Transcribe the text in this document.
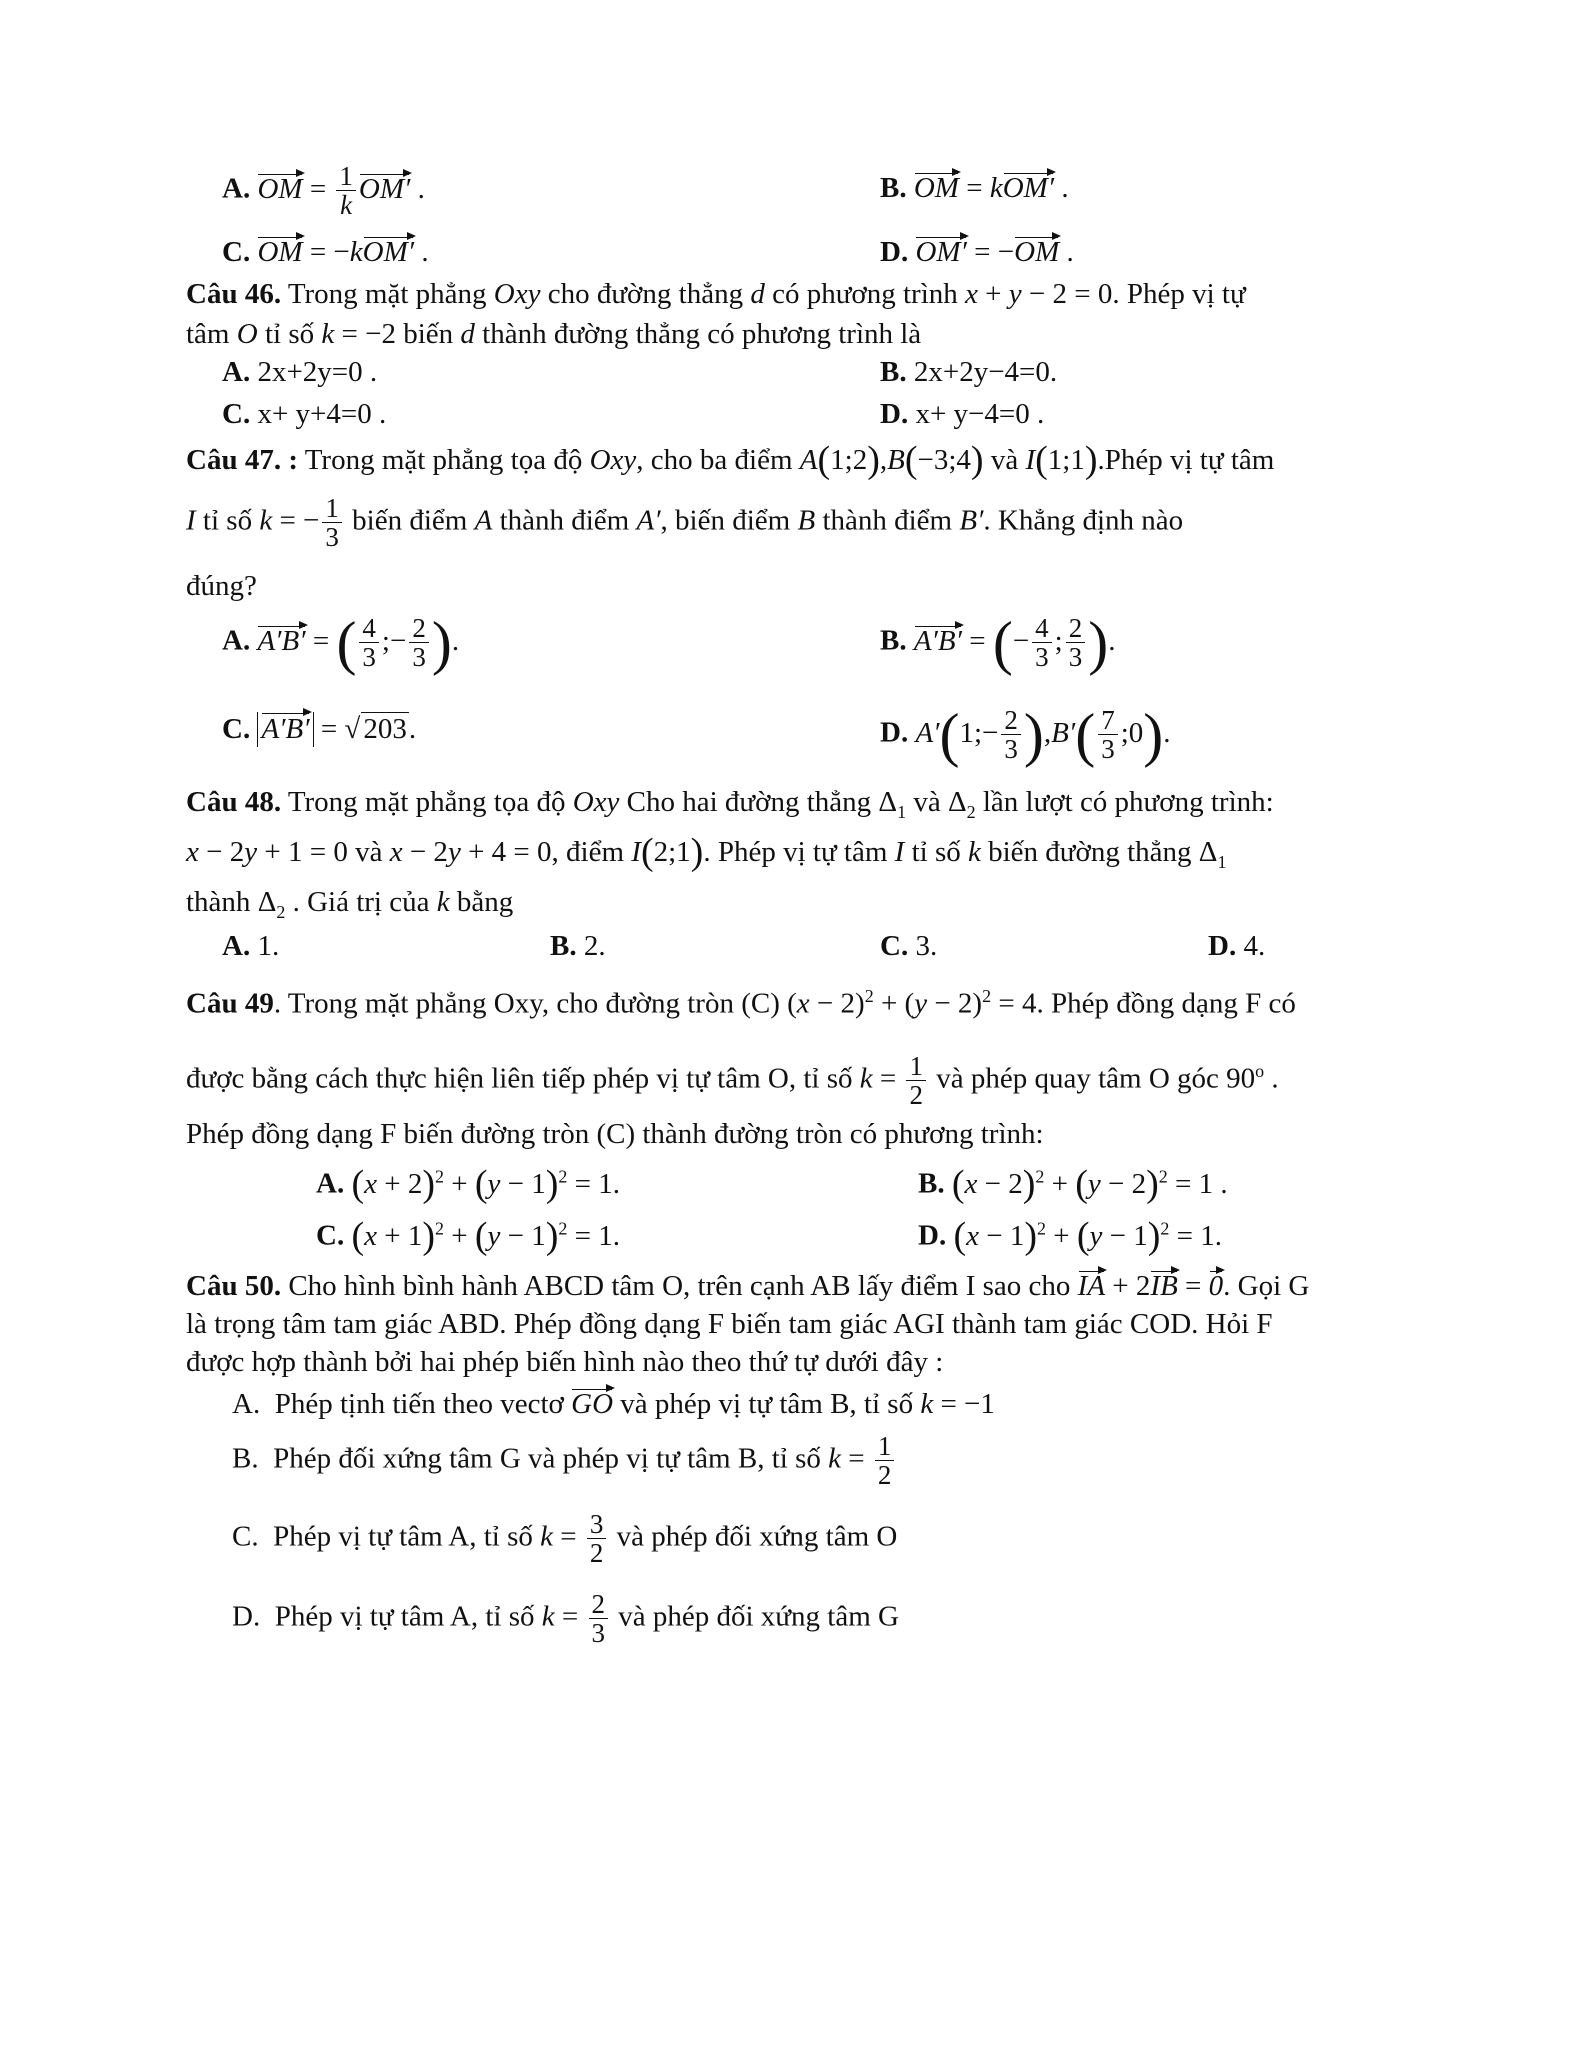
A. OM = $\frac{1}{k} OM'$ .	B. OM = kOM′ .
C. OM = −kOM′ .	D. OM′ = −OM .
Câu 46. Trong mặt phẳng Oxy cho đường thẳng d có phương trình x + y − 2 = 0. Phép vị tự
tâm O tỉ số k = −2 biến d thành đường thẳng có phương trình là
A. 2x+2y=0 .	B. 2x+2y−4=0.
C. x+ y+4=0 .	D. x+ y−4=0 .
Câu 47. : Trong mặt phẳng tọa độ Oxy, cho ba điểm A(1;2),B(−3;4) và I(1;1).Phép vị tự tâm
I tỉ số k = − $\frac{1}{3}$ biến điểm A thành điểm A′, biến điểm B thành điểm B′. Khẳng định nào
đúng?
A. A′B′ = ( $\frac{4}{3}$ ;− $\frac{2}{3}$ ).	B. A′B′ = (− $\frac{4}{3}$ ; $\frac{2}{3}$ ).
C. A′B′ = √ 203.	D. A′(1;− $\frac{2}{3} ),B'( \frac{7}{3}$ ;0).
Câu 48. Trong mặt phẳng tọa độ Oxy Cho hai đường thẳng $\Delta_1$ và $\Delta_2$ lần lượt có phương trình:
x − 2y + 1 = 0 và x − 2y + 4 = 0, điểm I(2;1). Phép vị tự tâm I tỉ số k biến đường thẳng $\Delta_1$
thành $\Delta_2$ . Giá trị của k bằng
A. 1.	B. 2.	C. 3.	D. 4.
Câu 49. Trong mặt phẳng Oxy, cho đường tròn (C) $(x - 2)^2 + (y - 2)^2 = 4$. Phép đồng dạng F có
được bằng cách thực hiện liên tiếp phép vị tự tâm O, tỉ số $k = \frac{1}{2}$ và phép quay tâm O góc 90$^o$ .
Phép đồng dạng F biến đường tròn (C) thành đường tròn có phương trình:
A. $(x + 2)^2 + (y - 1)^2 = 1$.	B. $(x - 2)^2 + (y - 2)^2 = 1$ .
C. $(x + 1)^2 + (y - 1)^2 = 1$.	D. $(x - 1)^2 + (y - 1)^2 = 1$.
Câu 50. Cho hình bình hành ABCD tâm O, trên cạnh AB lấy điểm I sao cho IA + 2IB = 0. Gọi G
là trọng tâm tam giác ABD. Phép đồng dạng F biến tam giác AGI thành tam giác COD. Hỏi F
được hợp thành bởi hai phép biến hình nào theo thứ tự dưới đây :
A. Phép tịnh tiến theo vectơ GO và phép vị tự tâm B, tỉ số k = −1
B. Phép đối xứng tâm G và phép vị tự tâm B, tỉ số $k = \frac{1}{2}$
C. Phép vị tự tâm A, tỉ số $k = \frac{3}{2}$ và phép đối xứng tâm O
D. Phép vị tự tâm A, tỉ số $k = \frac{2}{3}$ và phép đối xứng tâm G
